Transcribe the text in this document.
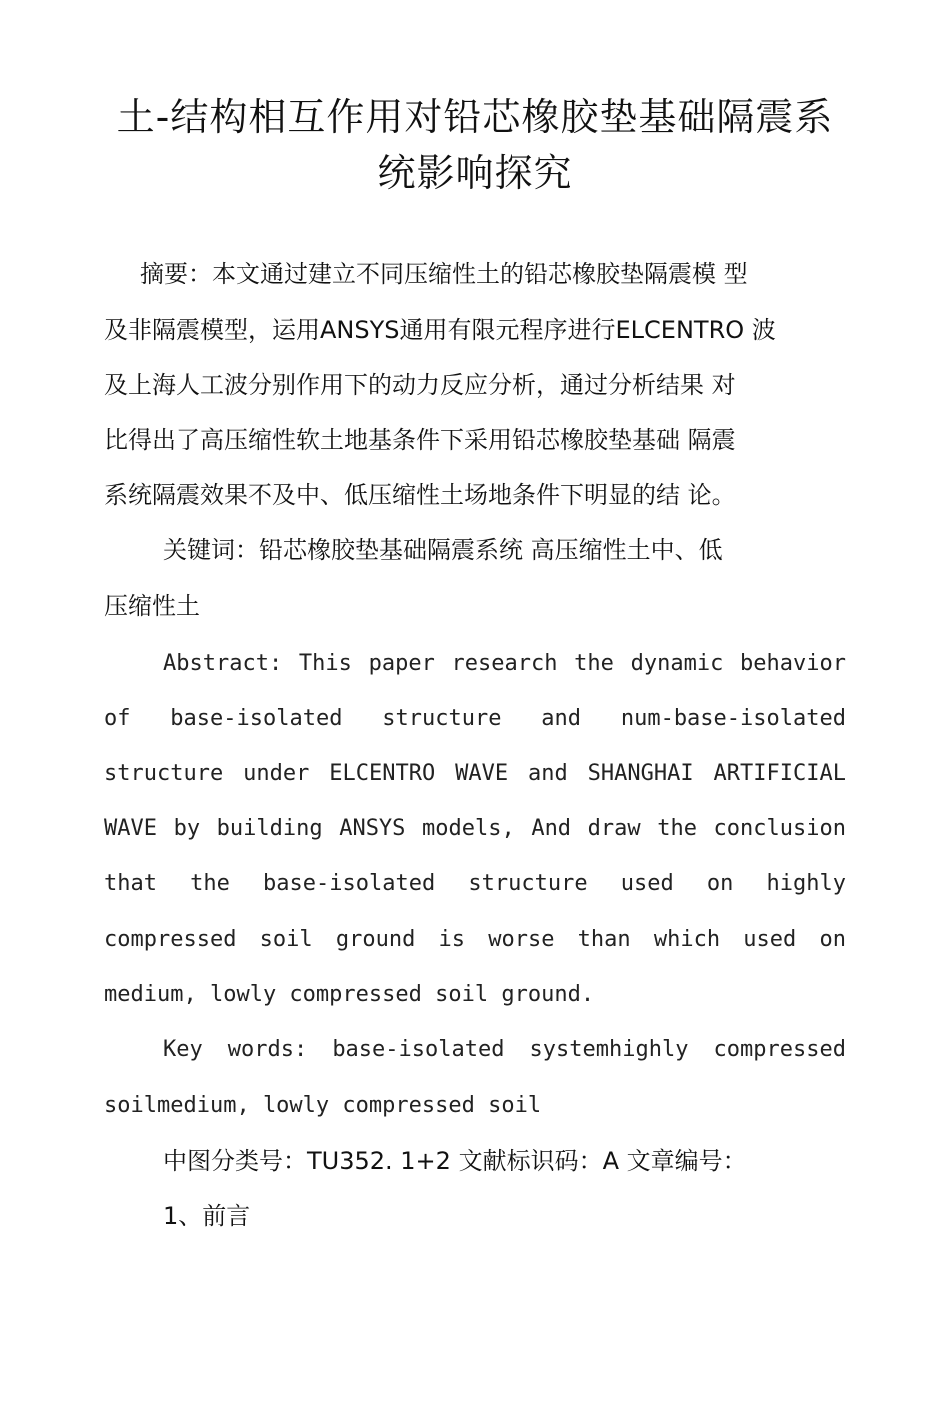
土-结构相互作用对铅芯橡胶垫基础隔震系
统影响探究
摘要：本文通过建立不同压缩性土的铅芯橡胶垫隔震模 型
及非隔震模型，运用ANSYS通用有限元程序进行ELCENTRO 波
及上海人工波分别作用下的动力反应分析，通过分析结果 对
比得出了高压缩性软土地基条件下采用铅芯橡胶垫基础 隔震
系统隔震效果不及中、低压缩性土场地条件下明显的结 论。
关键词：铅芯橡胶垫基础隔震系统 高压缩性土中、低
压缩性土
Abstract: This paper research the dynamic behavior
of base-isolated structure and num-base-isolated
structure under ELCENTRO WAVE and SHANGHAI ARTIFICIAL
WAVE by building ANSYS models, And draw the conclusion
that the base-isolated structure used on highly
compressed soil ground is worse than which used on
medium, lowly compressed soil ground.
Key words: base-isolated systemhighly compressed
soilmedium, lowly compressed soil
中图分类号：TU352. 1+2 文献标识码：A 文章编号：
1、前言
